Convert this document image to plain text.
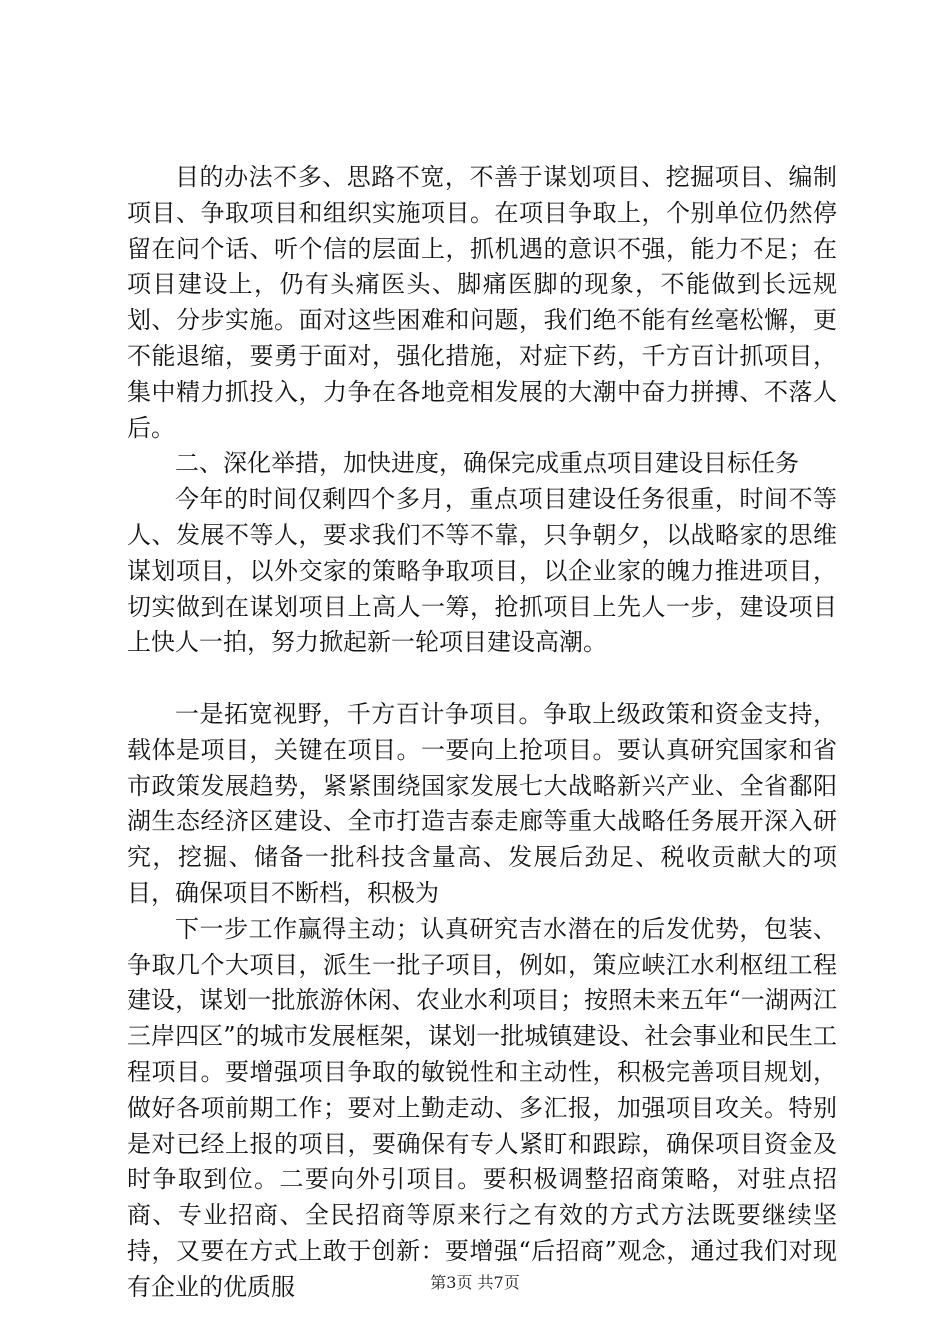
目的办法不多、思路不宽，不善于谋划项目、挖掘项目、编制项目、争取项目和组织实施项目。在项目争取上，个别单位仍然停留在问个话、听个信的层面上，抓机遇的意识不强，能力不足；在项目建设上，仍有头痛医头、脚痛医脚的现象，不能做到长远规划、分步实施。面对这些困难和问题，我们绝不能有丝毫松懈，更不能退缩，要勇于面对，强化措施，对症下药，千方百计抓项目，集中精力抓投入，力争在各地竞相发展的大潮中奋力拼搏、不落人后。

二、深化举措，加快进度，确保完成重点项目建设目标任务

今年的时间仅剩四个多月，重点项目建设任务很重，时间不等人、发展不等人，要求我们不等不靠，只争朝夕，以战略家的思维谋划项目，以外交家的策略争取项目，以企业家的魄力推进项目，切实做到在谋划项目上高人一筹，抢抓项目上先人一步，建设项目上快人一拍，努力掀起新一轮项目建设高潮。

一是拓宽视野，千方百计争项目。争取上级政策和资金支持，载体是项目，关键在项目。一要向上抢项目。要认真研究国家和省市政策发展趋势，紧紧围绕国家发展七大战略新兴产业、全省鄱阳湖生态经济区建设、全市打造吉泰走廊等重大战略任务展开深入研究，挖掘、储备一批科技含量高、发展后劲足、税收贡献大的项目，确保项目不断档，积极为

下一步工作赢得主动；认真研究吉水潜在的后发优势，包装、争取几个大项目，派生一批子项目，例如，策应峡江水利枢纽工程建设，谋划一批旅游休闲、农业水利项目；按照未来五年“一湖两江三岸四区”的城市发展框架，谋划一批城镇建设、社会事业和民生工程项目。要增强项目争取的敏锐性和主动性，积极完善项目规划，做好各项前期工作；要对上勤走动、多汇报，加强项目攻关。特别是对已经上报的项目，要确保有专人紧盯和跟踪，确保项目资金及时争取到位。二要向外引项目。要积极调整招商策略，对驻点招商、专业招商、全民招商等原来行之有效的方式方法既要继续坚持，又要在方式上敢于创新：要增强“后招商”观念，通过我们对现有企业的优质服	第3页 共7页
